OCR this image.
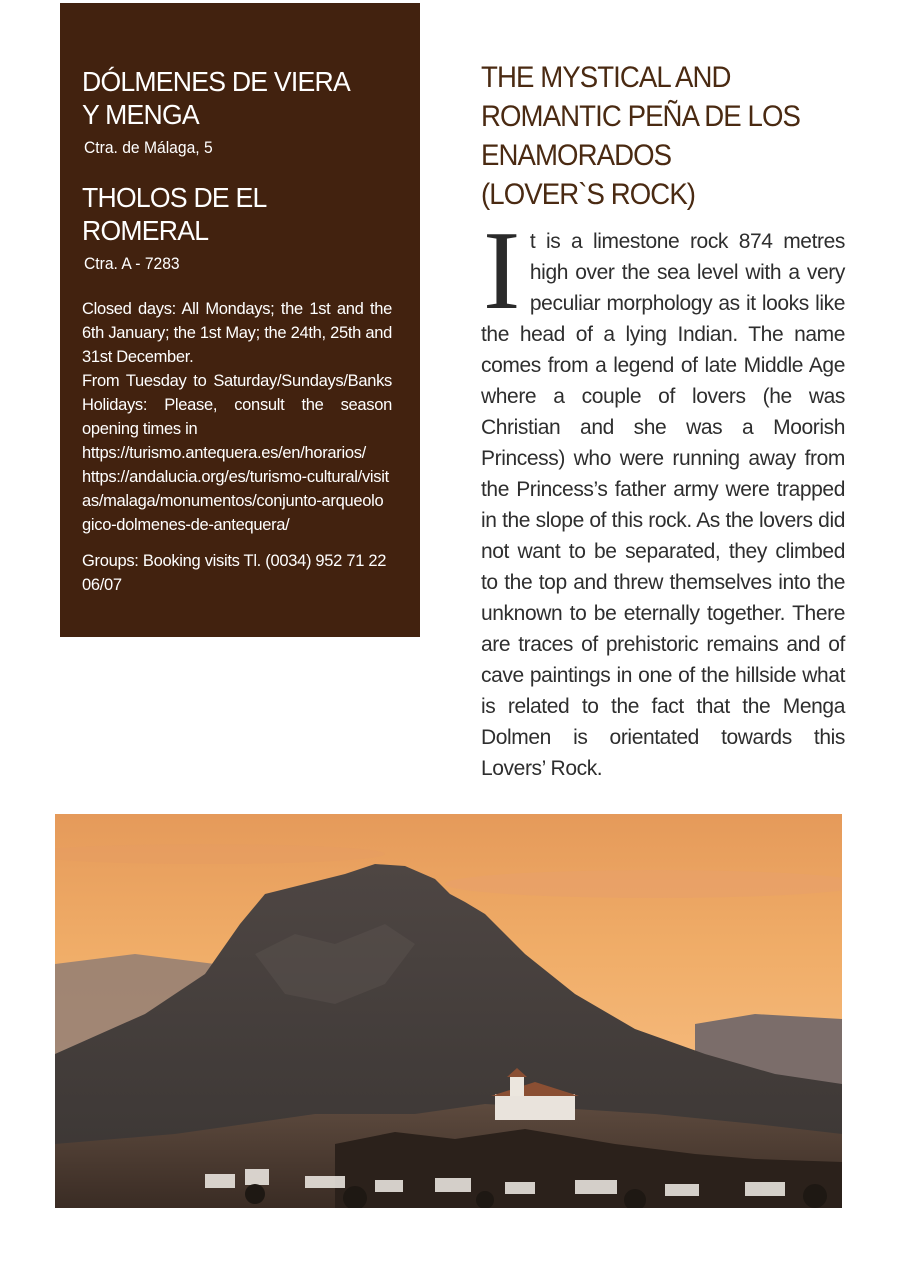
DÓLMENES DE VIERA
Y MENGA
Ctra. de Málaga, 5
THOLOS DE EL
ROMERAL
Ctra. A - 7283

Closed days: All Mondays; the 1st and the 6th January; the 1st May; the 24th, 25th and 31st December.

From Tuesday to Saturday/Sundays/Banks Holidays: Please, consult the season opening times in

https://turismo.antequera.es/en/horarios/

https://andalucia.org/es/turismo-cultural/visitas/malaga/monumentos/conjunto-arqueologico-dolmenes-de-antequera/

Groups: Booking visits Tl. (0034) 952 71 22 06/07
THE MYSTICAL AND
ROMANTIC PEÑA DE LOS
ENAMORADOS
(LOVER`S ROCK)
I t is a limestone rock 874 metres high over the sea level with a very peculiar morphology as it looks like the head of a lying Indian. The name comes from a legend of late Middle Age where a couple of lovers (he was Christian and she was a Moorish Princess) who were running away from the Princess’s father army were trapped in the slope of this rock. As the lovers did not want to be separated, they climbed to the top and threw themselves into the unknown to be eternally together. There are traces of prehistoric remains and of cave paintings in one of the hillside what is related to the fact that the Menga Dolmen is orientated towards this Lovers’ Rock.
